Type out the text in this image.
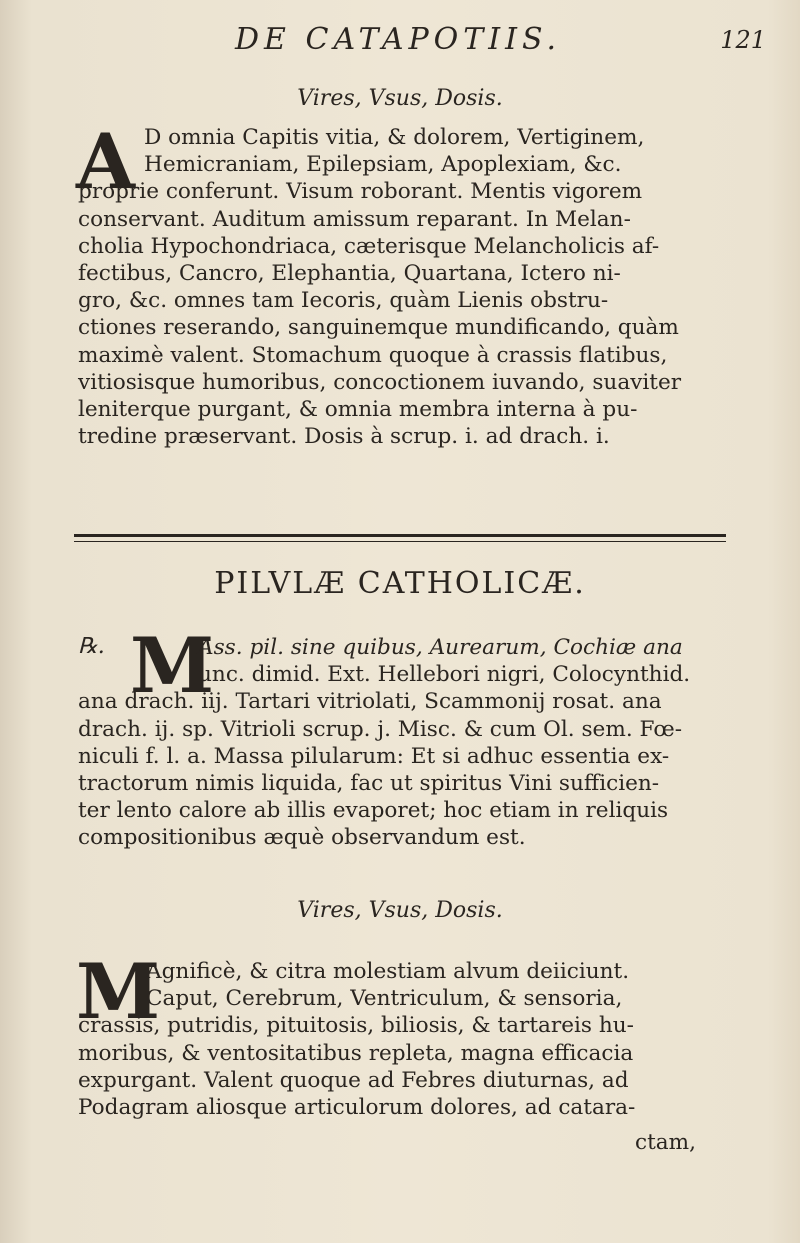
DE CATAPOTIIS.	121
Vires, Vsus, Dosis.
A D omnia Capitis vitia, & dolorem, Vertiginem,
Hemicraniam, Epilepsiam, Apoplexiam, &c.
proprie conferunt. Visum roborant. Mentis vigorem
conservant. Auditum amissum reparant. In Melan-
cholia Hypochondriaca, cæterisque Melancholicis af-
fectibus, Cancro, Elephantia, Quartana, Ictero ni-
gro, &c. omnes tam Iecoris, quàm Lienis obstru-
ctiones reserando, sanguinemque mundificando, quàm
maximè valent. Stomachum quoque à crassis flatibus,
vitiosisque humoribus, concoctionem iuvando, suaviter
leniterque purgant, & omnia membra interna à pu-
tredine præservant. Dosis à scrup. i. ad drach. i.
PILVLÆ CATHOLICÆ.
℞. M
Ass. pil. sine quibus, Aurearum, Cochiæ ana
unc. dimid. Ext. Hellebori nigri, Colocynthid.
ana drach. iij. Tartari vitriolati, Scammonij rosat. ana
drach. ij. sp. Vitrioli scrup. j. Misc. & cum Ol. sem. Fœ-
niculi f. l. a. Massa pilularum: Et si adhuc essentia ex-
tractorum nimis liquida, fac ut spiritus Vini sufficien-
ter lento calore ab illis evaporet; hoc etiam in reliquis
compositionibus æquè observandum est.
Vires, Vsus, Dosis.
M
Agnificè, & citra molestiam alvum deiiciunt.
Caput, Cerebrum, Ventriculum, & sensoria,
crassis, putridis, pituitosis, biliosis, & tartareis hu-
moribus, & ventositatibus repleta, magna efficacia
expurgant. Valent quoque ad Febres diuturnas, ad
Podagram aliosque articulorum dolores, ad catara-
ctam,
